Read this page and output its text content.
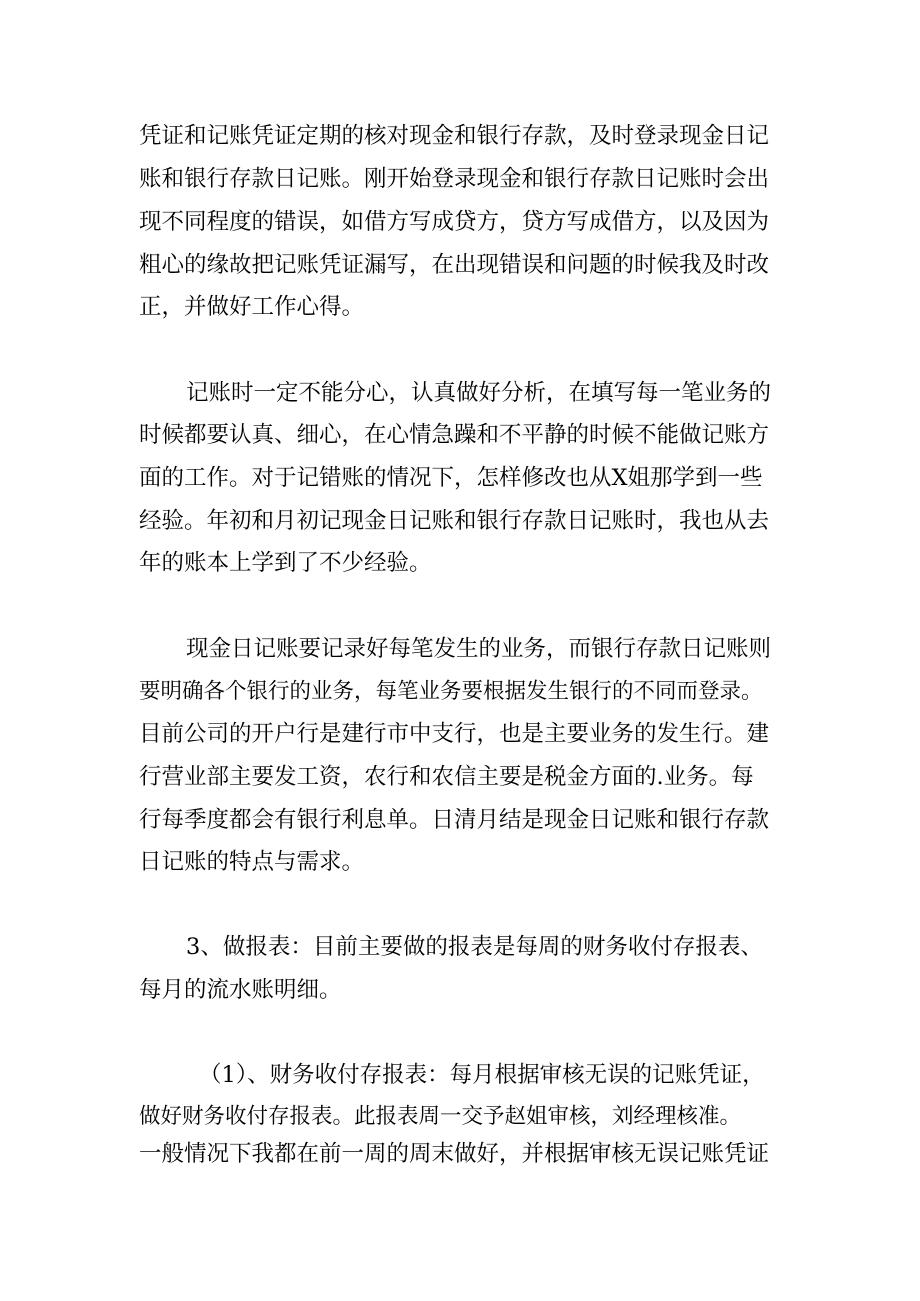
凭证和记账凭证定期的核对现金和银行存款，及时登录现金日记
账和银行存款日记账。刚开始登录现金和银行存款日记账时会出
现不同程度的错误，如借方写成贷方，贷方写成借方，以及因为
粗心的缘故把记账凭证漏写，在出现错误和问题的时候我及时改
正，并做好工作心得。
记账时一定不能分心，认真做好分析，在填写每一笔业务的
时候都要认真、细心，在心情急躁和不平静的时候不能做记账方
面的工作。对于记错账的情况下，怎样修改也从X姐那学到一些
经验。年初和月初记现金日记账和银行存款日记账时，我也从去
年的账本上学到了不少经验。
现金日记账要记录好每笔发生的业务，而银行存款日记账则
要明确各个银行的业务，每笔业务要根据发生银行的不同而登录。
目前公司的开户行是建行市中支行，也是主要业务的发生行。建
行营业部主要发工资，农行和农信主要是税金方面的.业务。每
行每季度都会有银行利息单。日清月结是现金日记账和银行存款
日记账的特点与需求。
3、做报表：目前主要做的报表是每周的财务收付存报表、
每月的流水账明细。
（1）、财务收付存报表：每月根据审核无误的记账凭证，
做好财务收付存报表。此报表周一交予赵姐审核，刘经理核准。
一般情况下我都在前一周的周末做好，并根据审核无误记账凭证
